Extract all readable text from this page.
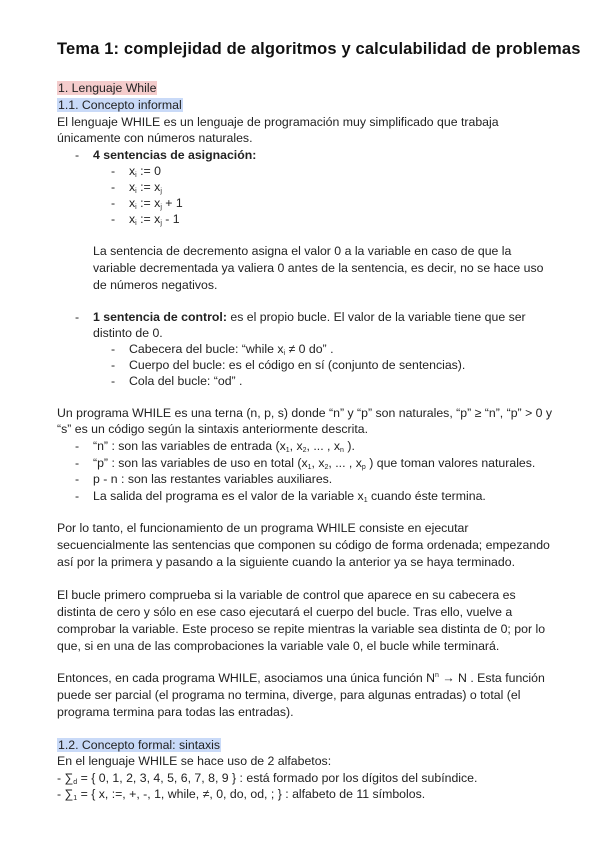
Tema 1: complejidad de algoritmos y calculabilidad de problemas
1. Lenguaje While
1.1. Concepto informal
El lenguaje WHILE es un lenguaje de programación muy simplificado que trabaja
únicamente con números naturales.
- 4 sentencias de asignación:
- $x_i$ := 0
- $x_i$ := $x_j$
- $x_i$ := $x_j + 1$
- $x_i$ := $x_j - 1$
La sentencia de decremento asigna el valor 0 a la variable en caso de que la
variable decrementada ya valiera 0 antes de la sentencia, es decir, no se hace uso
de números negativos.
- 1 sentencia de control: es el propio bucle. El valor de la variable tiene que ser
distinto de 0.
- Cabecera del bucle: “while $x_i \ne 0$ do” .
- Cuerpo del bucle: es el código en sí (conjunto de sentencias).
- Cola del bucle: “od” .
Un programa WHILE es una terna (n, p, s) donde “n” y “p” son naturales, “p” ≥ “n”, “p” > 0 y
“s” es un código según la sintaxis anteriormente descrita.
- “n” : son las variables de entrada ($x_1$, $x_2$, ... , $x_n$ ).
- “p” : son las variables de uso en total ($x_1$, $x_2$, ... , $x_p$ ) que toman valores naturales.
- p - n : son las restantes variables auxiliares.
- La salida del programa es el valor de la variable $x_1$ cuando éste termina.
Por lo tanto, el funcionamiento de un programa WHILE consiste en ejecutar
secuencialmente las sentencias que componen su código de forma ordenada; empezando
así por la primera y pasando a la siguiente cuando la anterior ya se haya terminado.
El bucle primero comprueba si la variable de control que aparece en su cabecera es
distinta de cero y sólo en ese caso ejecutará el cuerpo del bucle. Tras ello, vuelve a
comprobar la variable. Este proceso se repite mientras la variable sea distinta de 0; por lo
que, si en una de las comprobaciones la variable vale 0, el bucle while terminará.
Entonces, en cada programa WHILE, asociamos una única función $N^n \to N$ . Esta función
puede ser parcial (el programa no termina, diverge, para algunas entradas) o total (el
programa termina para todas las entradas).
1.2. Concepto formal: sintaxis
En el lenguaje WHILE se hace uso de 2 alfabetos:
- $\sum_d$ = { 0, 1, 2, 3, 4, 5, 6, 7, 8, 9 } : está formado por los dígitos del subíndice.
- $\sum_1$ = { x, :=, +, -, 1, while, ≠, 0, do, od, ; } : alfabeto de 11 símbolos.
